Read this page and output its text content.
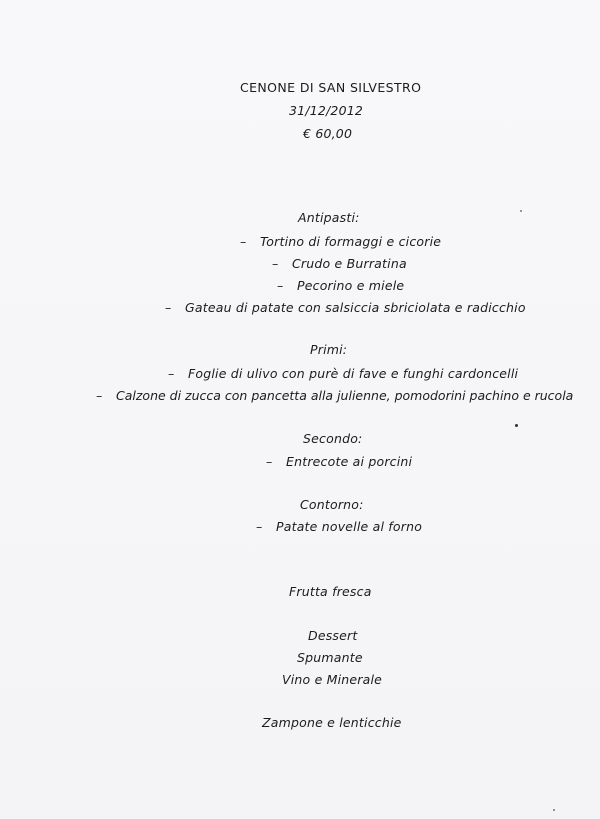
CENONE DI SAN SILVESTRO
31/12/2012
€ 60,00
Antipasti:
– Tortino di formaggi e cicorie
– Crudo e Burratina
– Pecorino e miele
– Gateau di patate con salsiccia sbriciolata e radicchio
Primi:
– Foglie di ulivo con purè di fave e funghi cardoncelli
– Calzone di zucca con pancetta alla julienne, pomodorini pachino e rucola
Secondo:
– Entrecote ai porcini
Contorno:
– Patate novelle al forno
Frutta fresca
Dessert
Spumante
Vino e Minerale
Zampone e lenticchie
